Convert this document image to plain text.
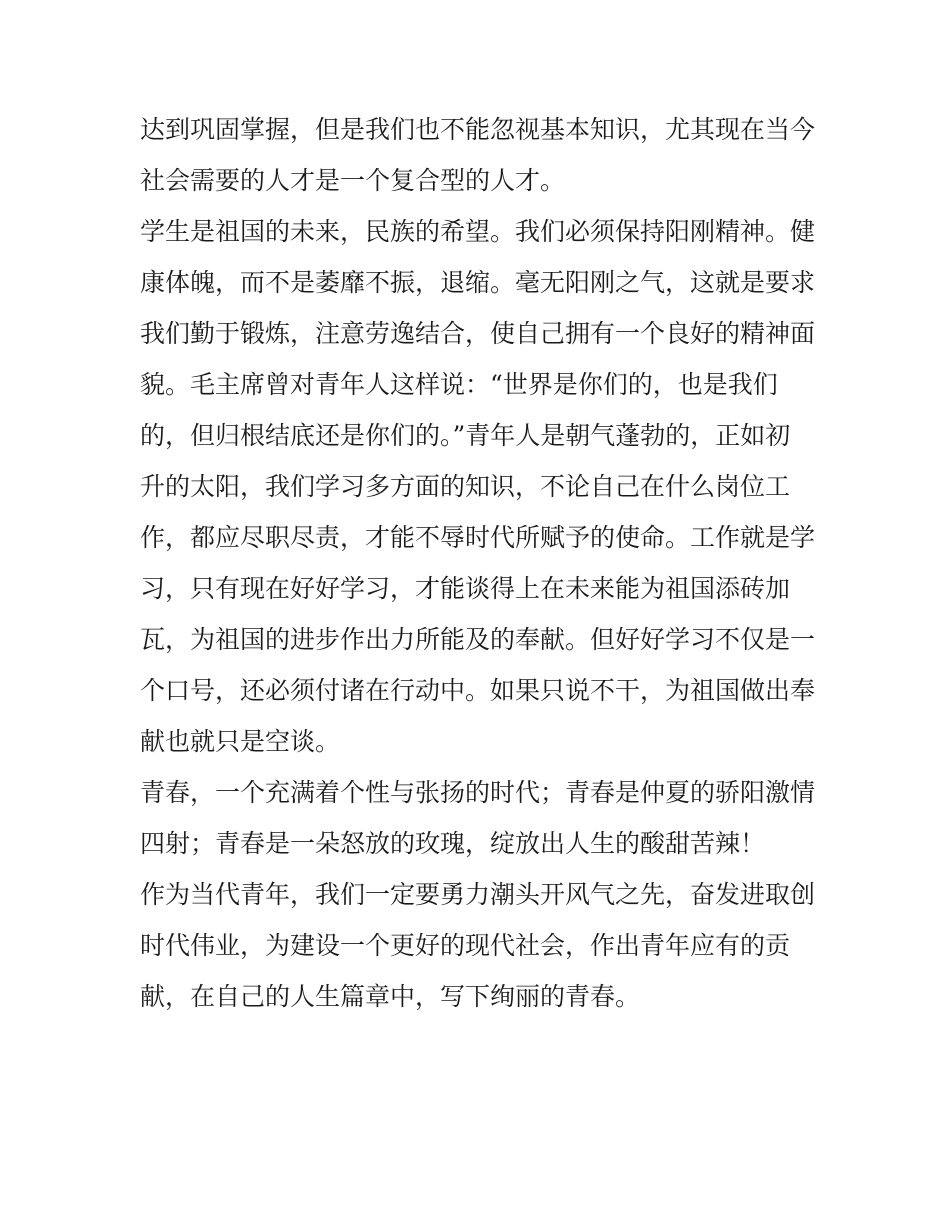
达到巩固掌握，但是我们也不能忽视基本知识，尤其现在当今
社会需要的人才是一个复合型的人才。
学生是祖国的未来，民族的希望。我们必须保持阳刚精神。健
康体魄，而不是萎靡不振，退缩。毫无阳刚之气，这就是要求
我们勤于锻炼，注意劳逸结合，使自己拥有一个良好的精神面
貌。毛主席曾对青年人这样说：“世界是你们的，也是我们
的，但归根结底还是你们的。”青年人是朝气蓬勃的，正如初
升的太阳，我们学习多方面的知识，不论自己在什么岗位工
作，都应尽职尽责，才能不辱时代所赋予的使命。工作就是学
习，只有现在好好学习，才能谈得上在未来能为祖国添砖加
瓦，为祖国的进步作出力所能及的奉献。但好好学习不仅是一
个口号，还必须付诸在行动中。如果只说不干，为祖国做出奉
献也就只是空谈。
青春，一个充满着个性与张扬的时代；青春是仲夏的骄阳激情
四射；青春是一朵怒放的玫瑰，绽放出人生的酸甜苦辣！
作为当代青年，我们一定要勇力潮头开风气之先，奋发进取创
时代伟业，为建设一个更好的现代社会，作出青年应有的贡
献，在自己的人生篇章中，写下绚丽的青春。
